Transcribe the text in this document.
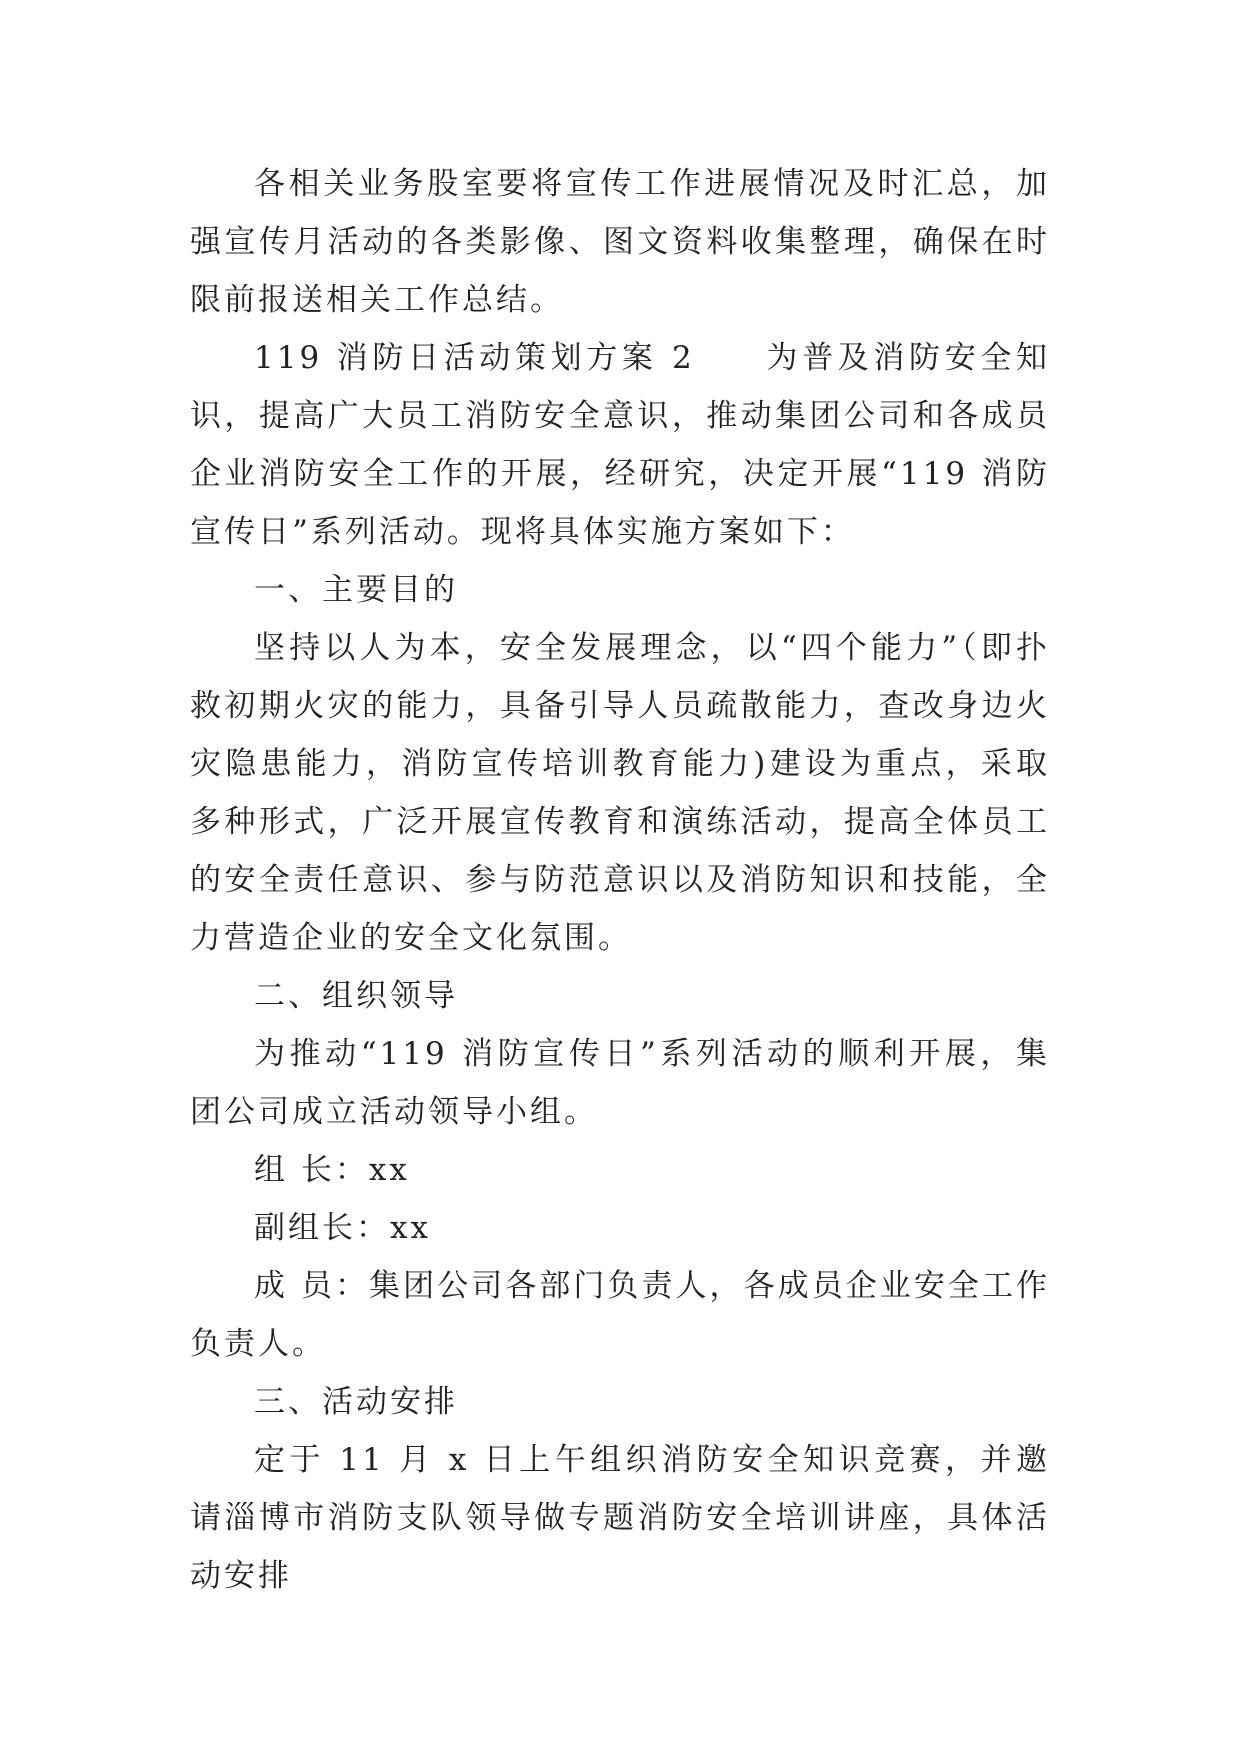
各相关业务股室要将宣传工作进展情况及时汇总，加强宣传月活动的各类影像、图文资料收集整理，确保在时限前报送相关工作总结。

119 消防日活动策划方案 2 为普及消防安全知识，提高广大员工消防安全意识，推动集团公司和各成员企业消防安全工作的开展，经研究，决定开展“119 消防宣传日”系列活动。现将具体实施方案如下：

一、主要目的

坚持以人为本，安全发展理念，以“四个能力”（即扑救初期火灾的能力，具备引导人员疏散能力，查改身边火灾隐患能力，消防宣传培训教育能力)建设为重点，采取多种形式，广泛开展宣传教育和演练活动，提高全体员工的安全责任意识、参与防范意识以及消防知识和技能，全力营造企业的安全文化氛围。

二、组织领导

为推动“119 消防宣传日”系列活动的顺利开展，集团公司成立活动领导小组。

组 长：xx

副组长：xx

成 员：集团公司各部门负责人，各成员企业安全工作负责人。

三、活动安排

定于 11 月 x 日上午组织消防安全知识竞赛，并邀请淄博市消防支队领导做专题消防安全培训讲座，具体活动安排
